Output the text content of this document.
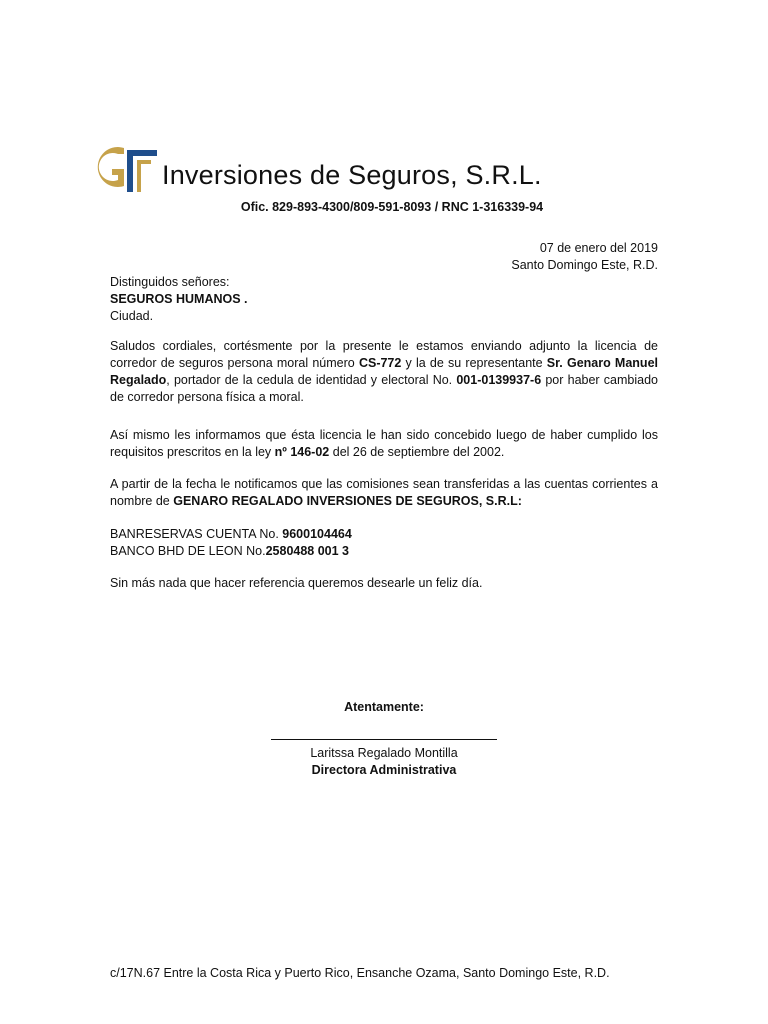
Inversiones de Seguros, S.R.L.
Ofic. 829-893-4300/809-591-8093 / RNC 1-316339-94
07 de enero del 2019
Santo Domingo Este, R.D.
Distinguidos señores:
SEGUROS HUMANOS .
Ciudad.
Saludos cordiales, cortésmente por la presente le estamos enviando adjunto la licencia de corredor de seguros persona moral número CS-772 y la de su representante Sr. Genaro Manuel Regalado, portador de la cedula de identidad y electoral No. 001-0139937-6 por haber cambiado de corredor persona física a moral.
Así mismo les informamos que ésta licencia le han sido concebido luego de haber cumplido los requisitos prescritos en la ley nº 146-02 del 26 de septiembre del 2002.
A partir de la fecha le notificamos que las comisiones sean transferidas a las cuentas corrientes a nombre de GENARO REGALADO INVERSIONES DE SEGUROS, S.R.L:
BANRESERVAS CUENTA No. 9600104464
BANCO BHD DE LEON No.2580488 001 3
Sin más nada que hacer referencia queremos desearle un feliz día.
Atentamente:
Laritssa Regalado Montilla
Directora Administrativa
c/17N.67 Entre la Costa Rica y Puerto Rico, Ensanche Ozama, Santo Domingo Este, R.D.
